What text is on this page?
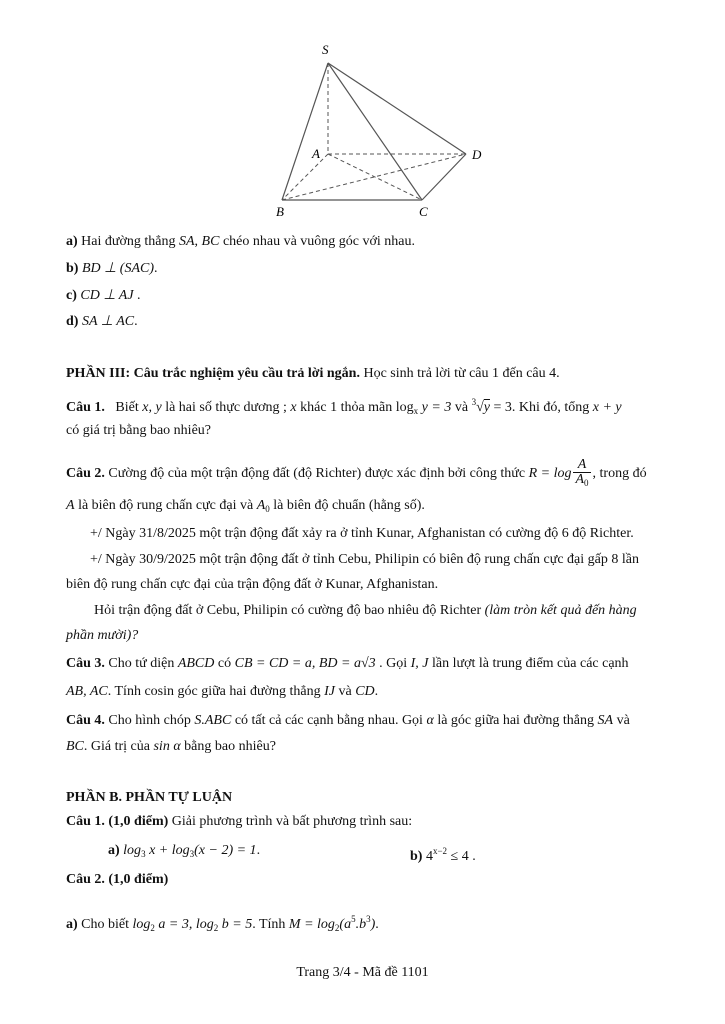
S
A	D
B	C
a) Hai đường thẳng SA, BC chéo nhau và vuông góc với nhau.
b) BD ⊥ (SAC).
c) CD ⊥ AJ .
d) SA ⊥ AC.
PHẦN III: Câu trắc nghiệm yêu cầu trả lời ngắn. Học sinh trả lời từ câu 1 đến câu 4.
Câu 1. Biết x, y là hai số thực dương ; x khác 1 thỏa mãn $\log_x y = 3$ và $^3$√y = 3. Khi đó, tổng x + y
có giá trị bằng bao nhiêu?
Câu 2. Cường độ của một trận động đất (độ Richter) được xác định bởi công thức $R = \log \frac{A}{A_0}$ , trong đó
A là biên độ rung chấn cực đại và $A_0$ là biên độ chuẩn (hằng số).
+/ Ngày 31/8/2025 một trận động đất xảy ra ở tỉnh Kunar, Afghanistan có cường độ 6 độ Richter.
+/ Ngày 30/9/2025 một trận động đất ở tỉnh Cebu, Philipin có biên độ rung chấn cực đại gấp 8 lần
biên độ rung chấn cực đại của trận động đất ở Kunar, Afghanistan.
Hỏi trận động đất ở Cebu, Philipin có cường độ bao nhiêu độ Richter (làm tròn kết quả đến hàng
phần mười)?
Câu 3. Cho tứ diện ABCD có CB = CD = a, BD = a√3 . Gọi I, J lần lượt là trung điểm của các cạnh
AB, AC. Tính cosin góc giữa hai đường thẳng IJ và CD.
Câu 4. Cho hình chóp S.ABC có tất cả các cạnh bằng nhau. Gọi α là góc giữa hai đường thẳng SA và
BC. Giá trị của sin α bằng bao nhiêu?
PHẦN B. PHẦN TỰ LUẬN
Câu 1. (1,0 điểm) Giải phương trình và bất phương trình sau:
a) $\log_3 x + \log_3(x - 2) = 1$.	b) $4^{x-2} \le 4$ .
Câu 2. (1,0 điểm)
a) Cho biết $\log_2 a = 3$, $\log_2 b = 5$. Tính $M = \log_2(a^5.b^3)$.
Trang 3/4 - Mã đề 1101
